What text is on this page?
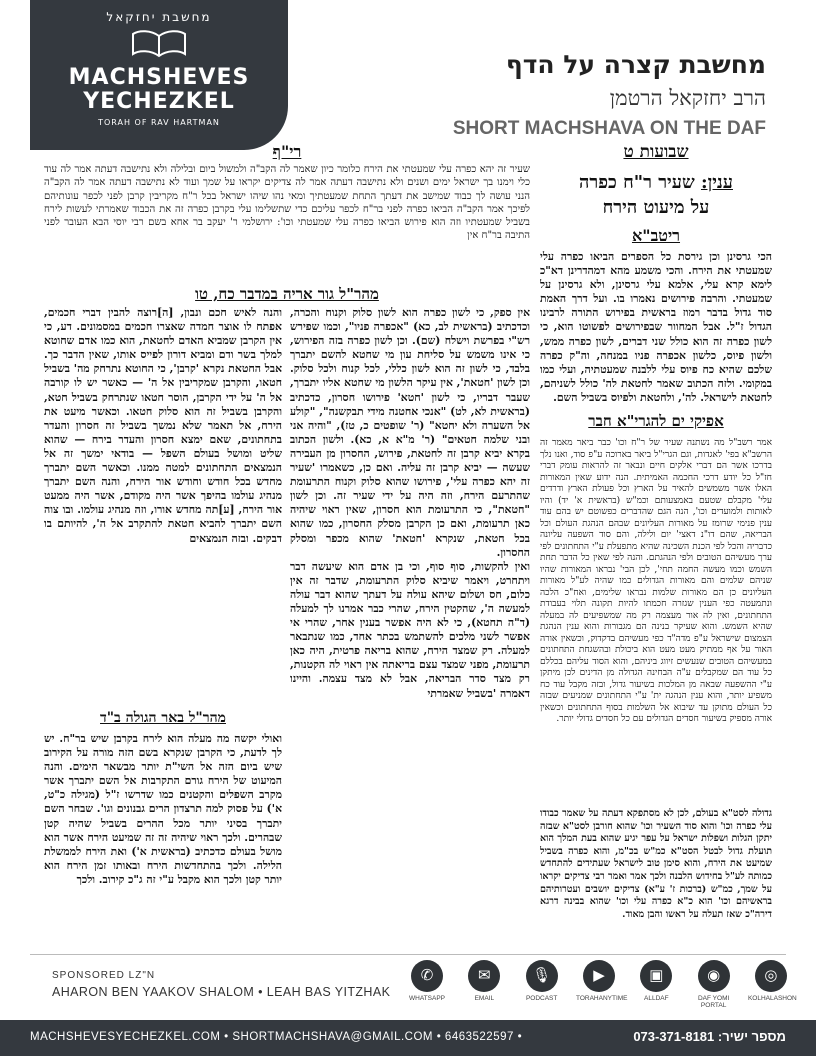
מחשבת יחזקאל
MACHSHEVES
YECHEZKEL
TORAH OF RAV HARTMAN
מחשבת קצרה על הדף
הרב יחזקאל הרטמן
SHORT MACHSHAVA ON THE DAF
שבועות ט
ענין: שעיר ר"ח כפרה
על מיעוט הירח
ריטב"א
הכי גרסינן וכן גירסת כל הספרים הביאו כפרה עלי שמעטתי את הירח. והכי משמע מהא דמהדרינן דא"כ לימא קרא עלי, אלמא עלי גרסינן, ולא גרסינן על שמעטתי. והרבה פירושים נאמרו בו. ועל דרך האמת סוד גדול בדבר רמוז בראשית בפירוש התורה לרבינו הגדול ז"ל. אבל המחוור שבפירושים לפשוטו הוא, כי לשון כפרה זה הוא כולל שני דברים, לשון כפרה ממש, ולשון פיוס, כלשון אכפרה פניו במנחה, וה"ק כפרה שלכם שהיא כח פיוס עלי ללבנה שמעטתיה, ועלי כמו במקומי. ולזה הכתוב שאמר לחטאת לה' כולל לשניהם, לחטאת לישראל. לה', ולחטאת ולפיוס בשביל השם.
רי"ף
שעיר זה יהא כפרה עלי שמעטתי את הירח כלומר כיון שאמר לה הקב"ה ולמשול ביום ובלילה ולא נתישבה דעתה אמר לה עוד כלי וימנו בך ישראל ימים ושנים ולא נתישבה דעתה אמר לה צדיקים יקראו על שמך ועוד לא נתישבה דעתה אמר לה הקב"ה הנני עושה לך כבוד שמישב את דעתך התחת שמעטתיך ומאי נהו שיהו ישראל בכל ר"ח מקריבין קרבן לפני לכפר עונותיהם לפיכך אמר הקב"ה הביאו כפרה לפני בר"ח לכפר עליכם כדי שתשלימו עלי בקרבן כפרה זה את הכבוד שאמרתי לעשות לירח בשביל שמעטתיו וזה הוא פירוש הביאו כפרה עלי שמעטתי וכו': ירושלמי ר' יעקב בר אחא בשם רבי יוסי הבא העובר לפני התיבה בר"ח אין
מהר"ל גור אריה במדבר כח, טו
אין ספק, כי לשון כפרה הוא לשון סלוק וקנוח והכרה, וכדכתיב (בראשית לב, כא) "אכפרה פניו", וכמו שפירש רש"י בפרשת וישלח (שם). וכן לשון כפרה בזה הפירוש, כי אינו משמש על סליחת עון מי שחטא להשם יתברך בלבד, כי לשון זה הוא לשון כללי, לכל קנוח ולכל סלוק. וכן לשון 'חטאת', אין עיקר הלשון מי שחטא אליו יתברך, שעבר דבריו, כי לשון 'חטא' פירושו חסרון, כדכתיב (בראשית לא, לט) "אנכי אחטנה מידי תבקשנה", "קולע אל השערה ולא יחטא" (ר' שופטים כ, טז), "והיה אני ובני שלמה חטאים" (ר' מ"א א, כא). ולשון הכתוב בקרא יביא קרבן זה לחטאת, פירוש, החסרון מן העבירה שעשה — יביא קרבן זה עליה. ואם כן, כשאמרו 'שעיר זה יהא כפרה עלי', פירושו שהוא סלוק וקנוח התרעומת שהתרעם הירח, וזה היה על ידי שעיר זה. וכן לשון "חטאת", כי התרעומת הוא חסרון, שאין ראוי שיהיה כאן תרעומת, ואם כן הקרבן מסלק החסרון, כמו שהוא בכל חטאת, שנקרא 'חטאת' שהוא מכפר ומסלק החסרון.
ואין להקשות, סוף סוף, וכי בן אדם הוא שיעשה דבר ויתחרט, ויאמר שיביא סלוק התרעומת, שדבר זה אין כלום, חס ושלום שיהא עולה על דעתך שהוא דבר עולה למעשה ה', שהקטין הירח, שהרי כבר אמרנו לך למעלה (ד"ה תחטא), כי לא היה אפשר בענין אחר, שהרי אי אפשר לשני מלכים להשתמש בכתר אחד, כמו שנתבאר למעלה. רק שמצד הירח, שהוא בריאה פרטית, היה כאן תרעומת, מפני שמצד עצם בריאתה אין ראוי לה הקטנות, רק מצד סדר הבריאה, אבל לא מצד עצמה. והיינו דאמרה 'בשביל שאמרתי
והנה לאיש חכם ונבון, [ה]רוצה להבין דברי חכמים, אפתח לו אוצר חמדה שאצרו חכמים במסמונים. דע, כי אין הקרבן שמביא האדם לחטאת, הוא כמו אדם שחוטא למלך בשר ודם ומביא דורון לפייס אותו, שאין הדבר כך. אבל החטאת נקרא 'קרבן', כי החוטא נתרחק מה' בשביל חטאו, והקרבן שמקריבין אל ה' — כאשר יש לו קורבה אל ה' על ידי הקרבן, הוסר חטאו שנתרחק בשביל חטא, והקרבן בשביל זה הוא סלוק חטאו. וכאשר מיעט את הירח, אל תאמר שלא נמשך בשביל זה חסרון והעדר בתחתונים, שאם ימצא חסרון והעדר בירח — שהוא שליט ומושל בעולם השפל — בודאי ימשך זה אל הנמצאים התחתונים למטה ממנו. וכאשר השם יתברך מחדש בכל חודש וחודש אור הירח, והנה השם יתברך מנהיג עולמו בהיפך אשר היה מקודם, אשר היה ממעט אור הירח, [ע]תה מחדש אורו, וזה מנהיג עולמו. ובו צוה השם יתברך להביא חטאת להתקרב אל ה', להיותם בו דבקים. ובזה הנמצאים
מהר"ל באר הגולה ב"ד
ואולי יקשה מה מעלה הוא לירח בקרבן שיש בר"ח. יש לך לדעת, כי הקרבן שנקרא בשם הזה מורה על הקירוב שיש ביום הזה אל השי"ת יותר מבשאר הימים. והנה המיעוט של הירח גורם התקרבות אל השם יתברך אשר מקרב השפלים והקטנים כמו שדרשו ז"ל (מגילה כ"ט, א') על פסוק למה תרצדון הרים גבנונים וגו'. שבחר השם יתברך בסיני יותר מכל ההרים בשביל שהיה קטן שבהרים. ולכך ראוי שיהיה זה זה שמיעט הירח אשר הוא מושל בעולם כדכתיב (בראשית א') ואת הירח לממשלת הלילה. ולכך בהתחדשות הירח ובאותו זמן הירח הוא יותר קטן ולכך הוא מקבל ע"י זה ג"כ קירוב. ולכך
אפיקי ים להגרי"א חבר
אמר רשב"ל מה נשתנה שעיר של ר"ח וכו' כבר ביאר מאמר זה הרשב"א בפי' לאגדות, וגם הגרי"ל ביאר בארוכה ע"פ סוד, ואנו נלך בדרכו אשר הם דברי אלקים חיים ונבאר זה להראות עומק דברי חז"ל כל יודע דרכי החכמה האמיתית. הנה ידוע שאין המאורות האלו אשר משמשים להאיר על הארץ וכל פעולת הארץ ודרדים עלי' מקבלם שטעם באמצעותם וכמ"ש (בראשית א' יד) והיו לאותות ולמועדים וכו', הנה הגם שהדברים כפשוטם יש בהם עוד ענין פנימי שרומז על מאורות העליונים שבהם הנהגת העולם וכל הבריאה, שהם דו"נ דאצי' יום ולילה, והם סוד השפעה עליונה כדבריה והכל לפי הכנת השכינה שהיא מתפעלת ע"י התחתונים לפי ערך מעשיהם הטובים ולפי הנהגתם. והנה לפי שאין כל הדבר תחת השמש וכמו מעשה החמה תחי', לכן הבי' נבראו המאורות שהיו שניהם שלמים והם מאורות הגדולים כמו שהיה לע"ל מאורות העליונים כן הם מאורות שלמות נבראו שלימים, ואח"כ הלכה ונתמעטה כפי הענין שגזרה חכמתו להיות תקונה תלוי בעבודת התחתונים, ואין לה אור מעצמה רק מה שמשפיעים לה במעלה שהיא השמש. והוא שעיקר בנינה הם מגבורות והוא ענין הנהגת הצמצום שישראל ע"פ מדה"ד כפי מעשיהם בדקדוק, וכשאין אורה האור על אף ממתיק מעט מעט הוא ביכולת ובהשגחת התחתונים במעשיהם הטובים שנעשים זיווג ביניהם, והוא הסוד עליהם בכללם כל עוד הם שמקבלים ע"ה הבחינה הגדולה מן הדינים לכן מיתקן ע"י ההשפעה שבאה מן המלכות בשיעור גדול, ובזה מקבל עוד כח משפיע יותר, והוא ענין הנהגה ית' ע"י התחתונים שמניעים שבזה כל העולם מתוקן עד שיבוא אל השלמות בסוף התחתונים וכשאין אורה מספיק בשיעור חסדים הגדולים עם כל חסדים גדולי יותר.
גדולה לסט"א בעולם, לכן לא מסתפקא דעתה על שאמר כבודו עלי כפרה וכו' והוא סוד השעיר וכו' שהוא חורבן לסט"א שבזה יתקן הגלות ושפלות ישראל על עפר יגיע שהוא בעת המלך הוא תועלת גדול לבטל הסט"א כמ"ש בכ"מ, והוא כפרה בשביל שמיעט את הירח, והוא סימן טוב לישראל שעתידים להתחדש כמותה לע"ל בחידוש הלבנה ולכך אמר ואמר רבי צדיקים יקראו על שמך, כמ"ש (ברכות ז' ע"א) צדיקים יושבים ועטרותיהם בראשיהם וכו' הוא כ"א כפרה עלי וכו' שהוא בבינה דרגא דירה"כ שאז תעלה על ראשו והבן מאוד.
SPONSORED LZ"N
AHARON BEN YAAKOV SHALOM • LEAH BAS YITZHAK
✆
WHATSAPP
✉
EMAIL
🎙
PODCAST
▶
TORAHANYTIME
▣
ALLDAF
◉
DAF YOMI PORTAL
◎
KOLHALASHON
MACHSHEVESYECHEZKEL.COM • SHORTMACHSHAVA@GMAIL.COM • 6463522597 •	מספר ישיר: 073-371-8181
